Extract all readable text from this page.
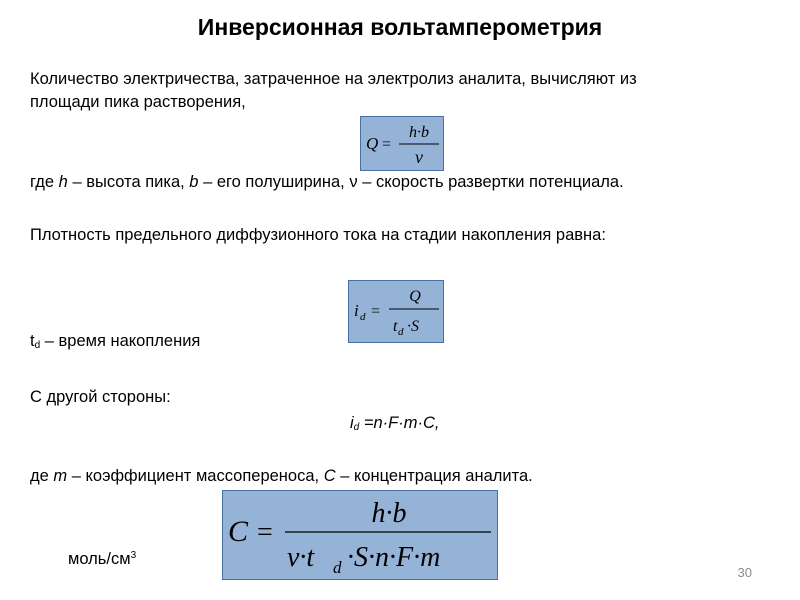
Инверсионная вольтамперометрия
Количество электричества, затраченное на электролиз аналита, вычисляют из
площади пика растворения,
Q =
h·b
ν
где h – высота пика, b – его полуширина, ν – скорость развертки потенциала.
Плотность предельного диффузионного тока на стадии накопления равна:
i d =
Q
t d ·S
$t_d$ – время накопления
С другой стороны:
$i_d =n\cdot F\cdot m\cdot C$,
де m – коэффициент массопереноса, C – концентрация аналита.
C =
h·b
ν·t d ·S·n·F·m
моль/$см^3$
30
